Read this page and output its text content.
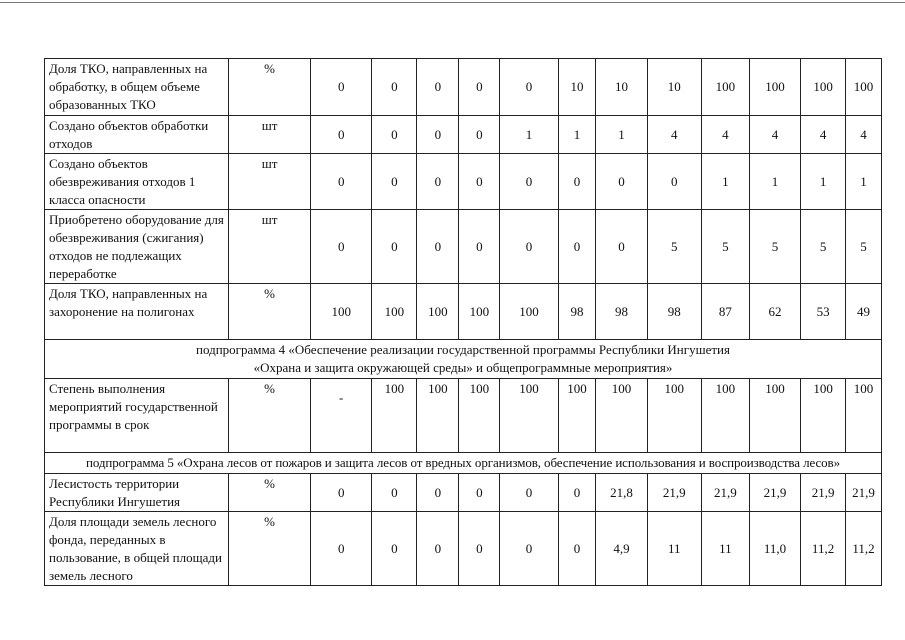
Доля ТКО, направленных на обработку, в общем объеме образованных ТКО	%	0	0	0	0	0	10	10	10	100	100	100	100
Создано объектов обработки отходов	шт	0	0	0	0	1	1	1	4	4	4	4	4
Создано объектов обезвреживания отходов 1 класса опасности	шт	0	0	0	0	0	0	0	0	1	1	1	1
Приобретено оборудование для обезвреживания (сжигания) отходов не подлежащих переработке	шт	0	0	0	0	0	0	0	5	5	5	5	5
Доля ТКО, направленных на захоронение на полигонах	%	100	100	100	100	100	98	98	98	87	62	53	49

подпрограмма 4 «Обеспечение реализации государственной программы Республики Ингушетия
«Охрана и защита окружающей среды» и общепрограммные мероприятия»													

Степень выполнения мероприятий государственной программы в срок	%	-	100	100	100	100	100	100	100	100	100	100	100

подпрограмма 5 «Охрана лесов от пожаров и защита лесов от вредных организмов, обеспечение использования и воспроизводства лесов»													

Лесистость территории Республики Ингушетия	%	0	0	0	0	0	0	21,8	21,9	21,9	21,9	21,9	21,9
Доля площади земель лесного фонда, переданных в пользование, в общей площади земель лесного	%	0	0	0	0	0	0	4,9	11	11	11,0	11,2	11,2
